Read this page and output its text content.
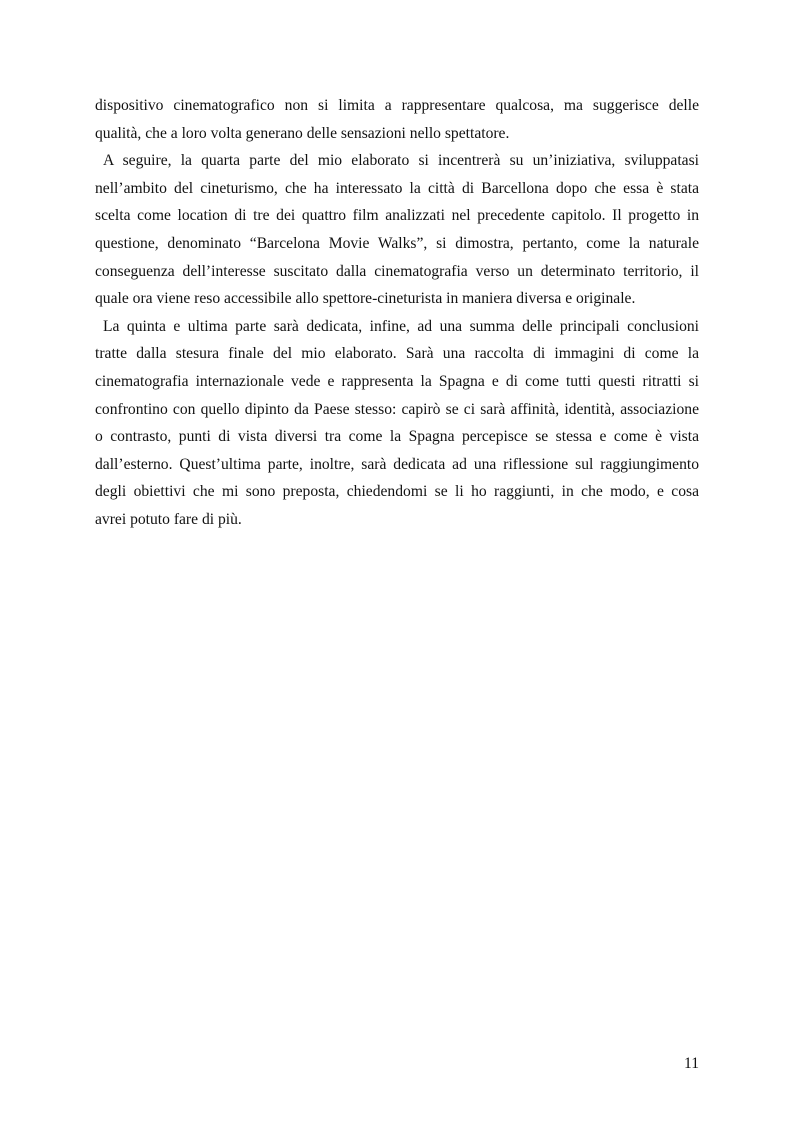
dispositivo cinematografico non si limita a rappresentare qualcosa, ma suggerisce delle
qualità, che a loro volta generano delle sensazioni nello spettatore.
A seguire, la quarta parte del mio elaborato si incentrerà su un’iniziativa, sviluppatasi
nell’ambito del cineturismo, che ha interessato la città di Barcellona dopo che essa è stata
scelta come location di tre dei quattro film analizzati nel precedente capitolo. Il progetto in
questione, denominato “Barcelona Movie Walks”, si dimostra, pertanto, come la naturale
conseguenza dell’interesse suscitato dalla cinematografia verso un determinato territorio, il
quale ora viene reso accessibile allo spettore-cineturista in maniera diversa e originale.
La quinta e ultima parte sarà dedicata, infine, ad una summa delle principali conclusioni
tratte dalla stesura finale del mio elaborato. Sarà una raccolta di immagini di come la
cinematografia internazionale vede e rappresenta la Spagna e di come tutti questi ritratti si
confrontino con quello dipinto da Paese stesso: capirò se ci sarà affinità, identità, associazione
o contrasto, punti di vista diversi tra come la Spagna percepisce se stessa e come è vista
dall’esterno. Quest’ultima parte, inoltre, sarà dedicata ad una riflessione sul raggiungimento
degli obiettivi che mi sono preposta, chiedendomi se li ho raggiunti, in che modo, e cosa
avrei potuto fare di più.
11
